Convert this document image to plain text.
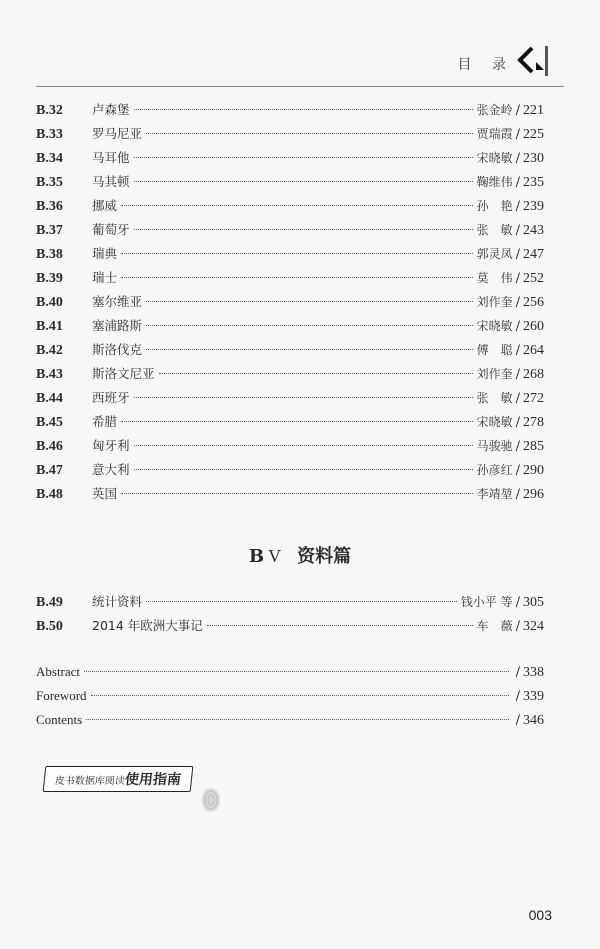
目 录
B.32	卢森堡	张金岭 / 221
B.33	罗马尼亚	贾瑞霞 / 225
B.34	马耳他	宋晓敏 / 230
B.35	马其顿	鞠维伟 / 235
B.36	挪威	孙　艳 / 239
B.37	葡萄牙	张　敏 / 243
B.38	瑞典	郭灵凤 / 247
B.39	瑞士	莫　伟 / 252
B.40	塞尔维亚	刘作奎 / 256
B.41	塞浦路斯	宋晓敏 / 260
B.42	斯洛伐克	傅　聪 / 264
B.43	斯洛文尼亚	刘作奎 / 268
B.44	西班牙	张　敏 / 272
B.45	希腊	宋晓敏 / 278
B.46	匈牙利	马骏驰 / 285
B.47	意大利	孙彦红 / 290
B.48	英国	李靖堃 / 296
B V 资料篇
B.49	统计资料	钱小平 等 / 305
B.50	2014 年欧洲大事记	车　薇 / 324
Abstract	/ 338
Foreword	/ 339
Contents	/ 346
皮书数据库阅读
使用指南
003
